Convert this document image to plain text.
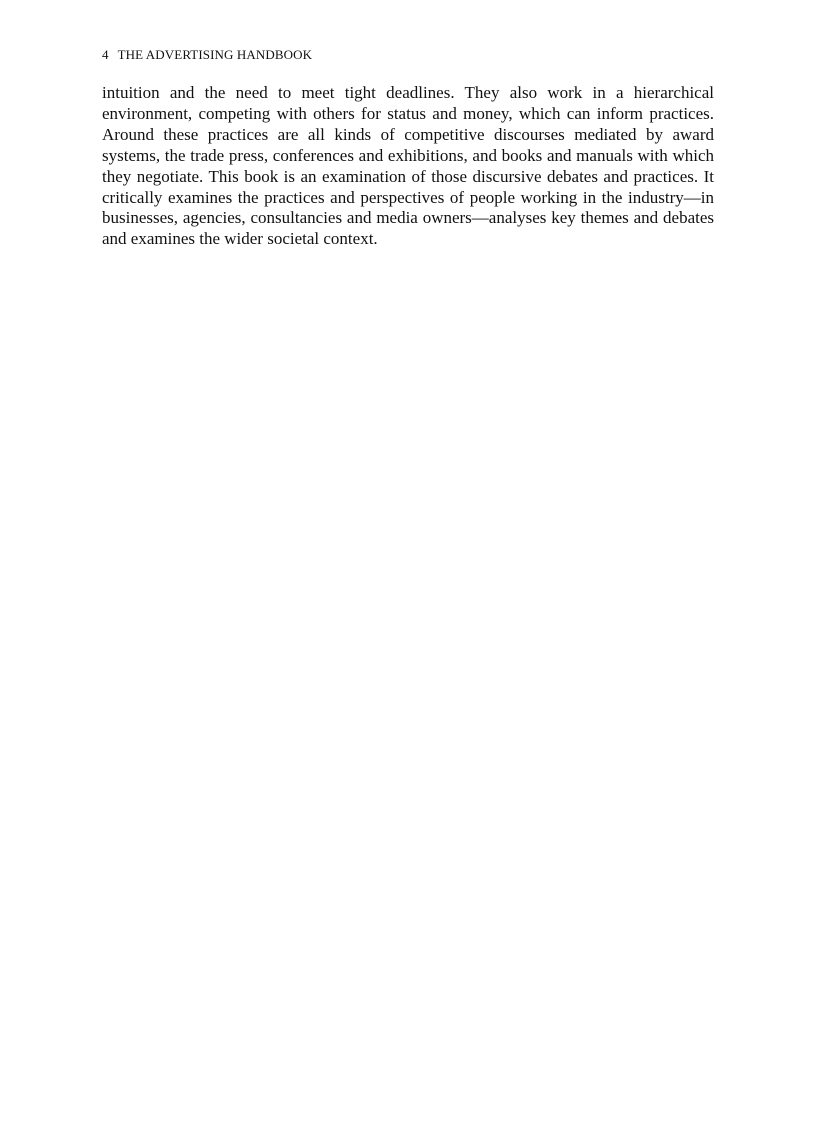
4 THE ADVERTISING HANDBOOK

intuition and the need to meet tight deadlines. They also work in a hierarchical environment, competing with others for status and money, which can inform practices. Around these practices are all kinds of competitive discourses mediated by award systems, the trade press, conferences and exhibitions, and books and manuals with which they negotiate. This book is an examination of those discursive debates and practices. It critically examines the practices and perspectives of people working in the industry—in businesses, agencies, consultancies and media owners—analyses key themes and debates and examines the wider societal context.
